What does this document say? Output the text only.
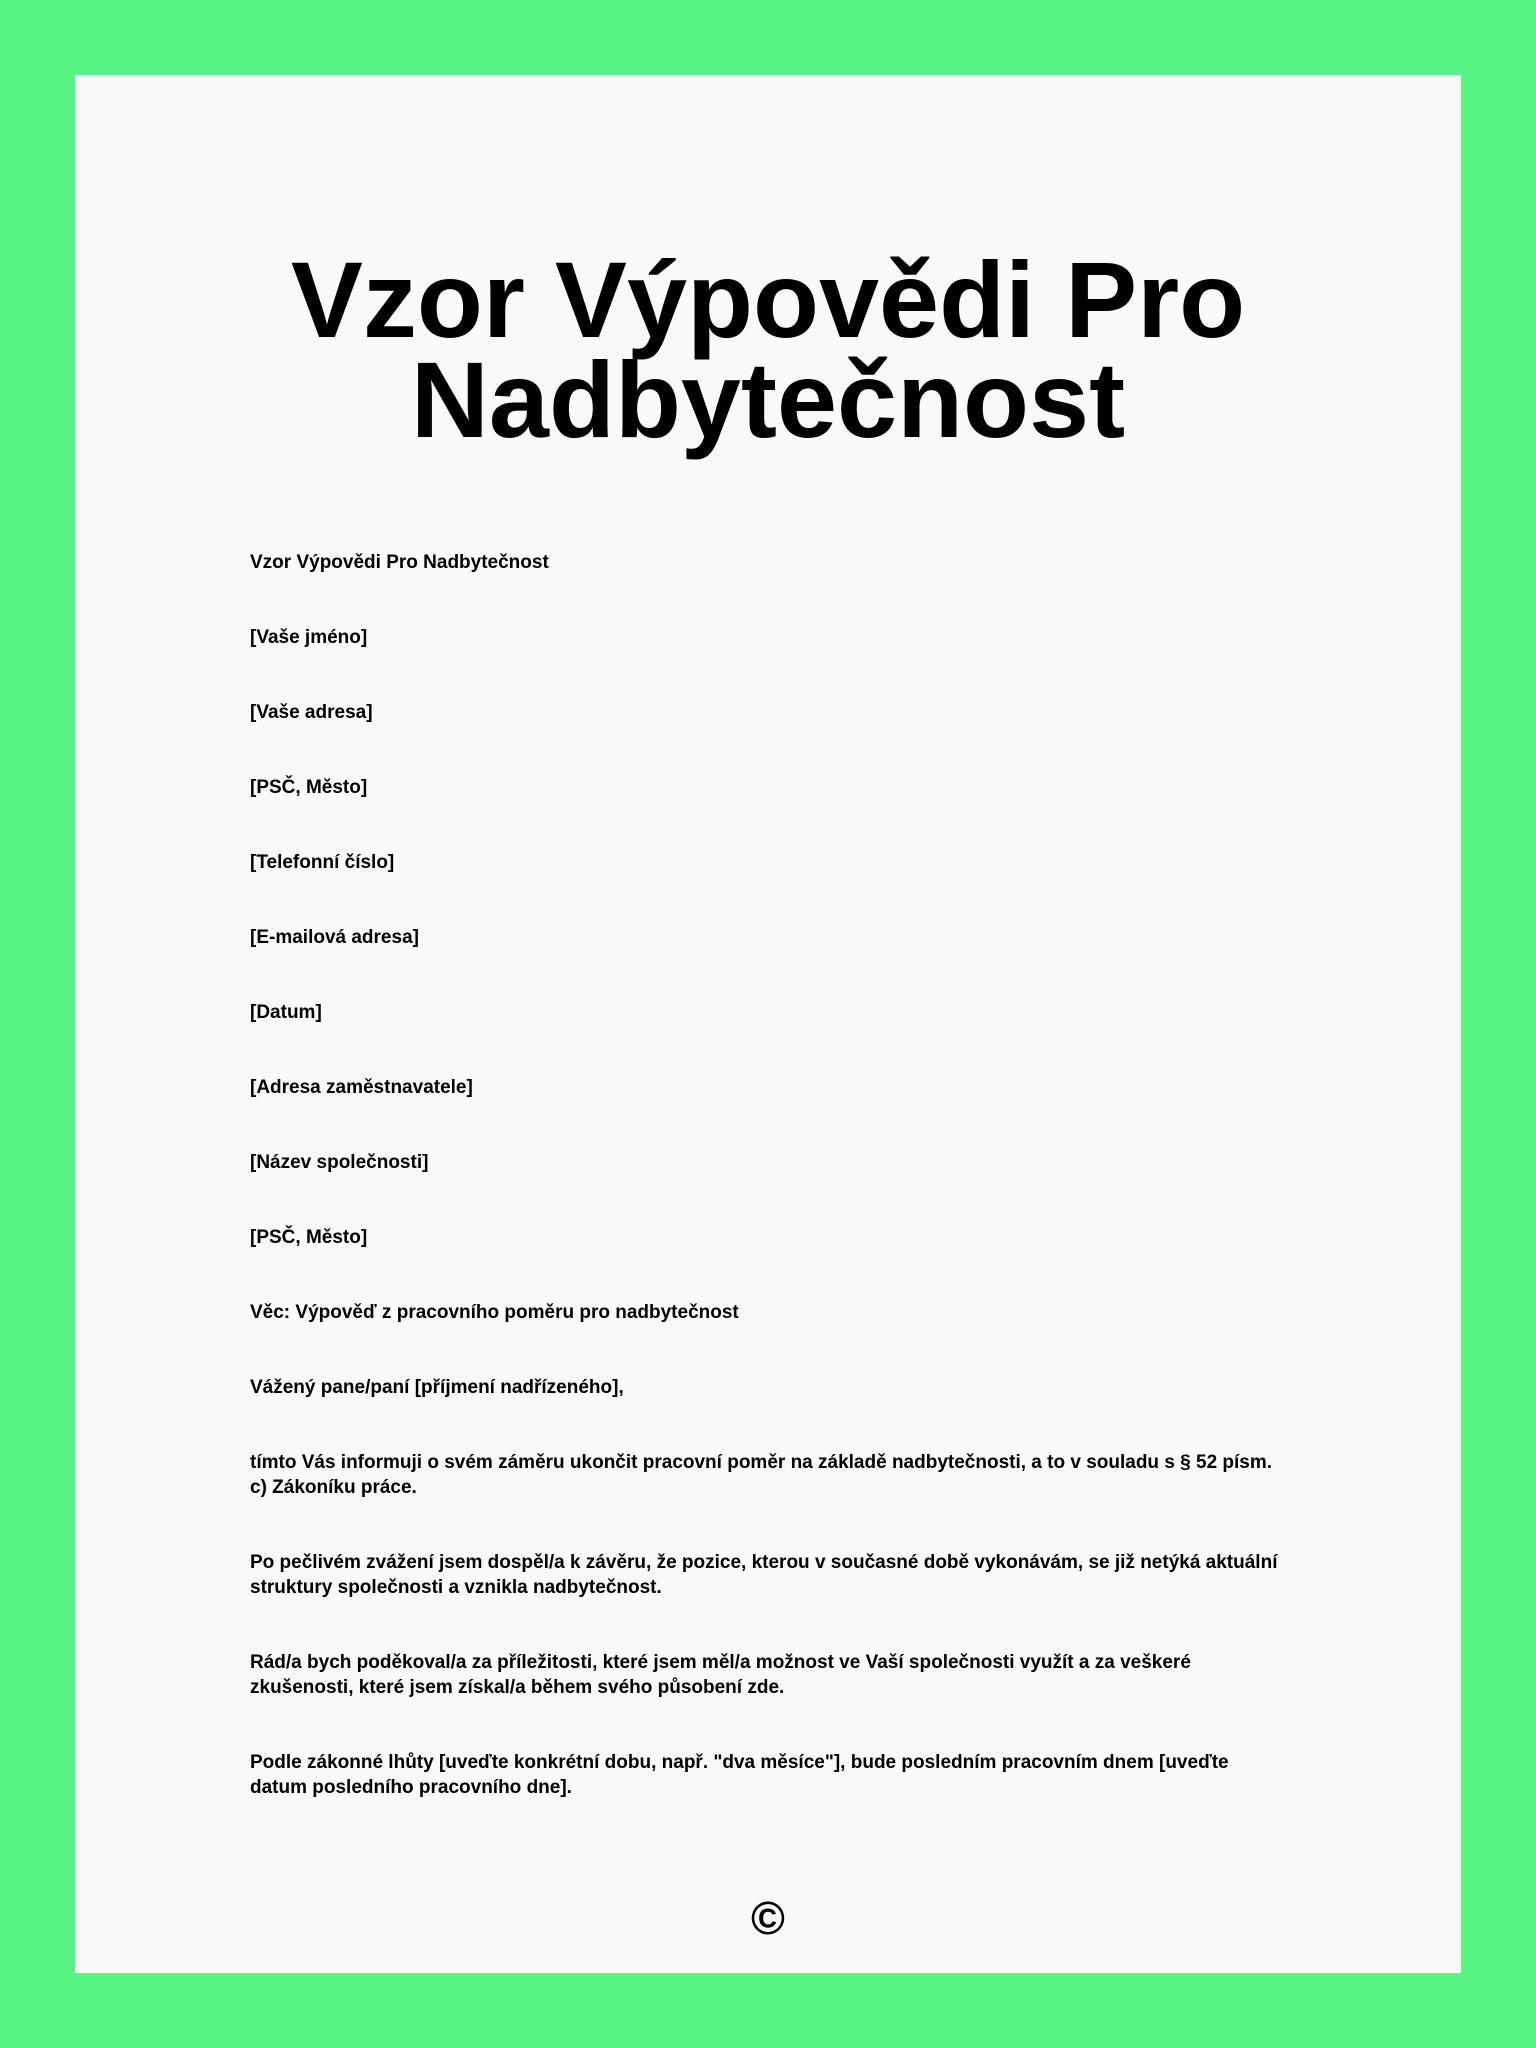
Vzor Výpovědi Pro
Nadbytečnost

Vzor Výpovědi Pro Nadbytečnost

[Vaše jméno]

[Vaše adresa]

[PSČ, Město]

[Telefonní číslo]

[E-mailová adresa]

[Datum]

[Adresa zaměstnavatele]

[Název společnosti]

[PSČ, Město]

Věc: Výpověď z pracovního poměru pro nadbytečnost

Vážený pane/paní [příjmení nadřízeného],

tímto Vás informuji o svém záměru ukončit pracovní poměr na základě nadbytečnosti, a to v souladu s § 52 písm. c) Zákoníku práce.

Po pečlivém zvážení jsem dospěl/a k závěru, že pozice, kterou v současné době vykonávám, se již netýká aktuální struktury společnosti a vznikla nadbytečnost.

Rád/a bych poděkoval/a za příležitosti, které jsem měl/a možnost ve Vaší společnosti využít a za veškeré zkušenosti, které jsem získal/a během svého působení zde.

Podle zákonné lhůty [uveďte konkrétní dobu, např. "dva měsíce"], bude posledním pracovním dnem [uveďte datum posledního pracovního dne].

©
